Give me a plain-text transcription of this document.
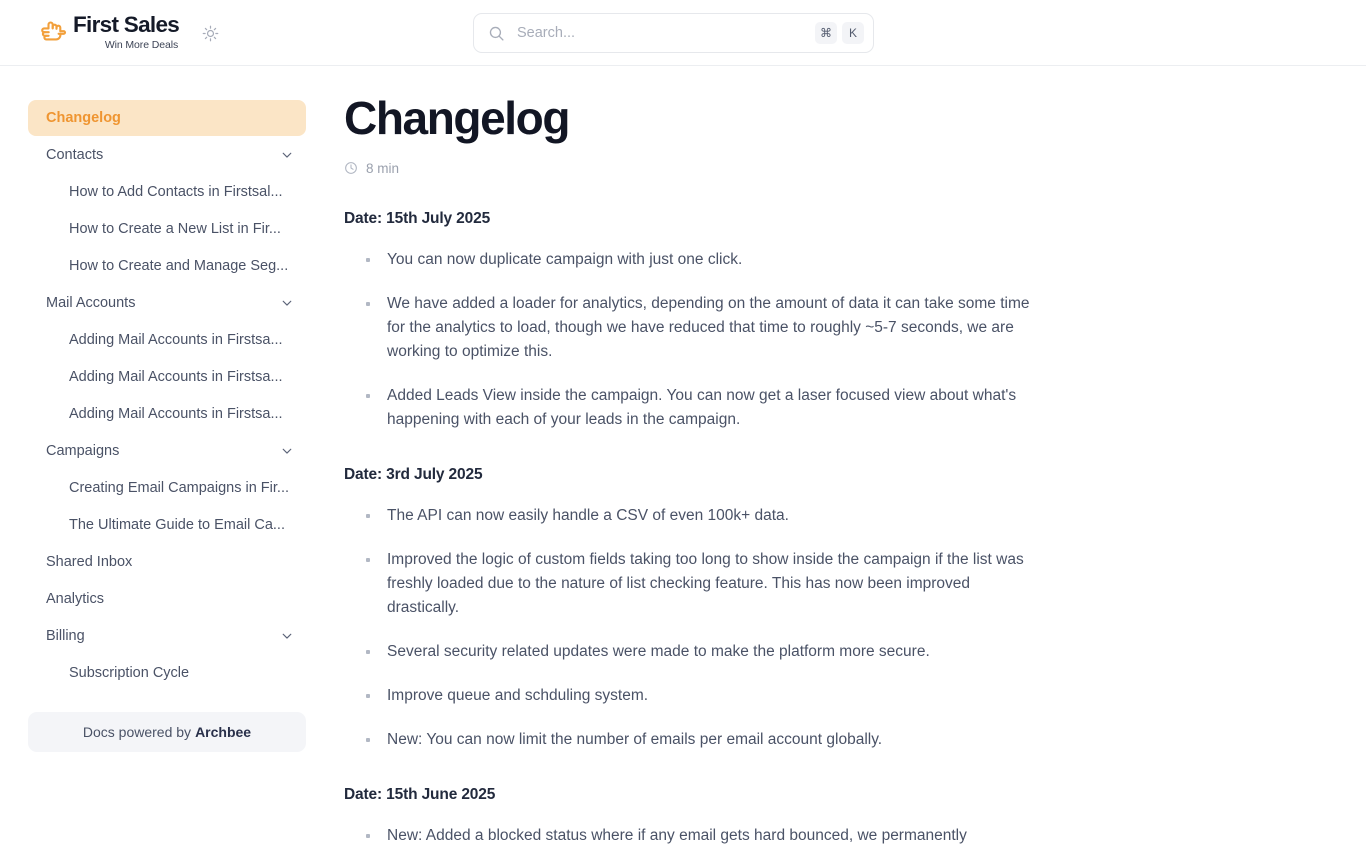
First Sales
Win More Deals
Search...
⌘	K
Changelog
Contacts
How to Add Contacts in Firstsal...
How to Create a New List in Fir...
How to Create and Manage Seg...
Mail Accounts
Adding Mail Accounts in Firstsa...
Adding Mail Accounts in Firstsa...
Adding Mail Accounts in Firstsa...
Campaigns
Creating Email Campaigns in Fir...
The Ultimate Guide to Email Ca...
Shared Inbox
Analytics
Billing
Subscription Cycle
Docs powered by Archbee
Changelog
8 min

Date: 15th July 2025

You can now duplicate campaign with just one click.
We have added a loader for analytics, depending on the amount of data it can take some time for the analytics to load, though we have reduced that time to roughly ~5-7 seconds, we are working to optimize this.
Added Leads View inside the campaign. You can now get a laser focused view about what's happening with each of your leads in the campaign.

Date: 3rd July 2025

The API can now easily handle a CSV of even 100k+ data.
Improved the logic of custom fields taking too long to show inside the campaign if the list was freshly loaded due to the nature of list checking feature. This has now been improved drastically.
Several security related updates were made to make the platform more secure.
Improve queue and schduling system.
New: You can now limit the number of emails per email account globally.

Date: 15th June 2025

New: Added a blocked status where if any email gets hard bounced, we permanently
